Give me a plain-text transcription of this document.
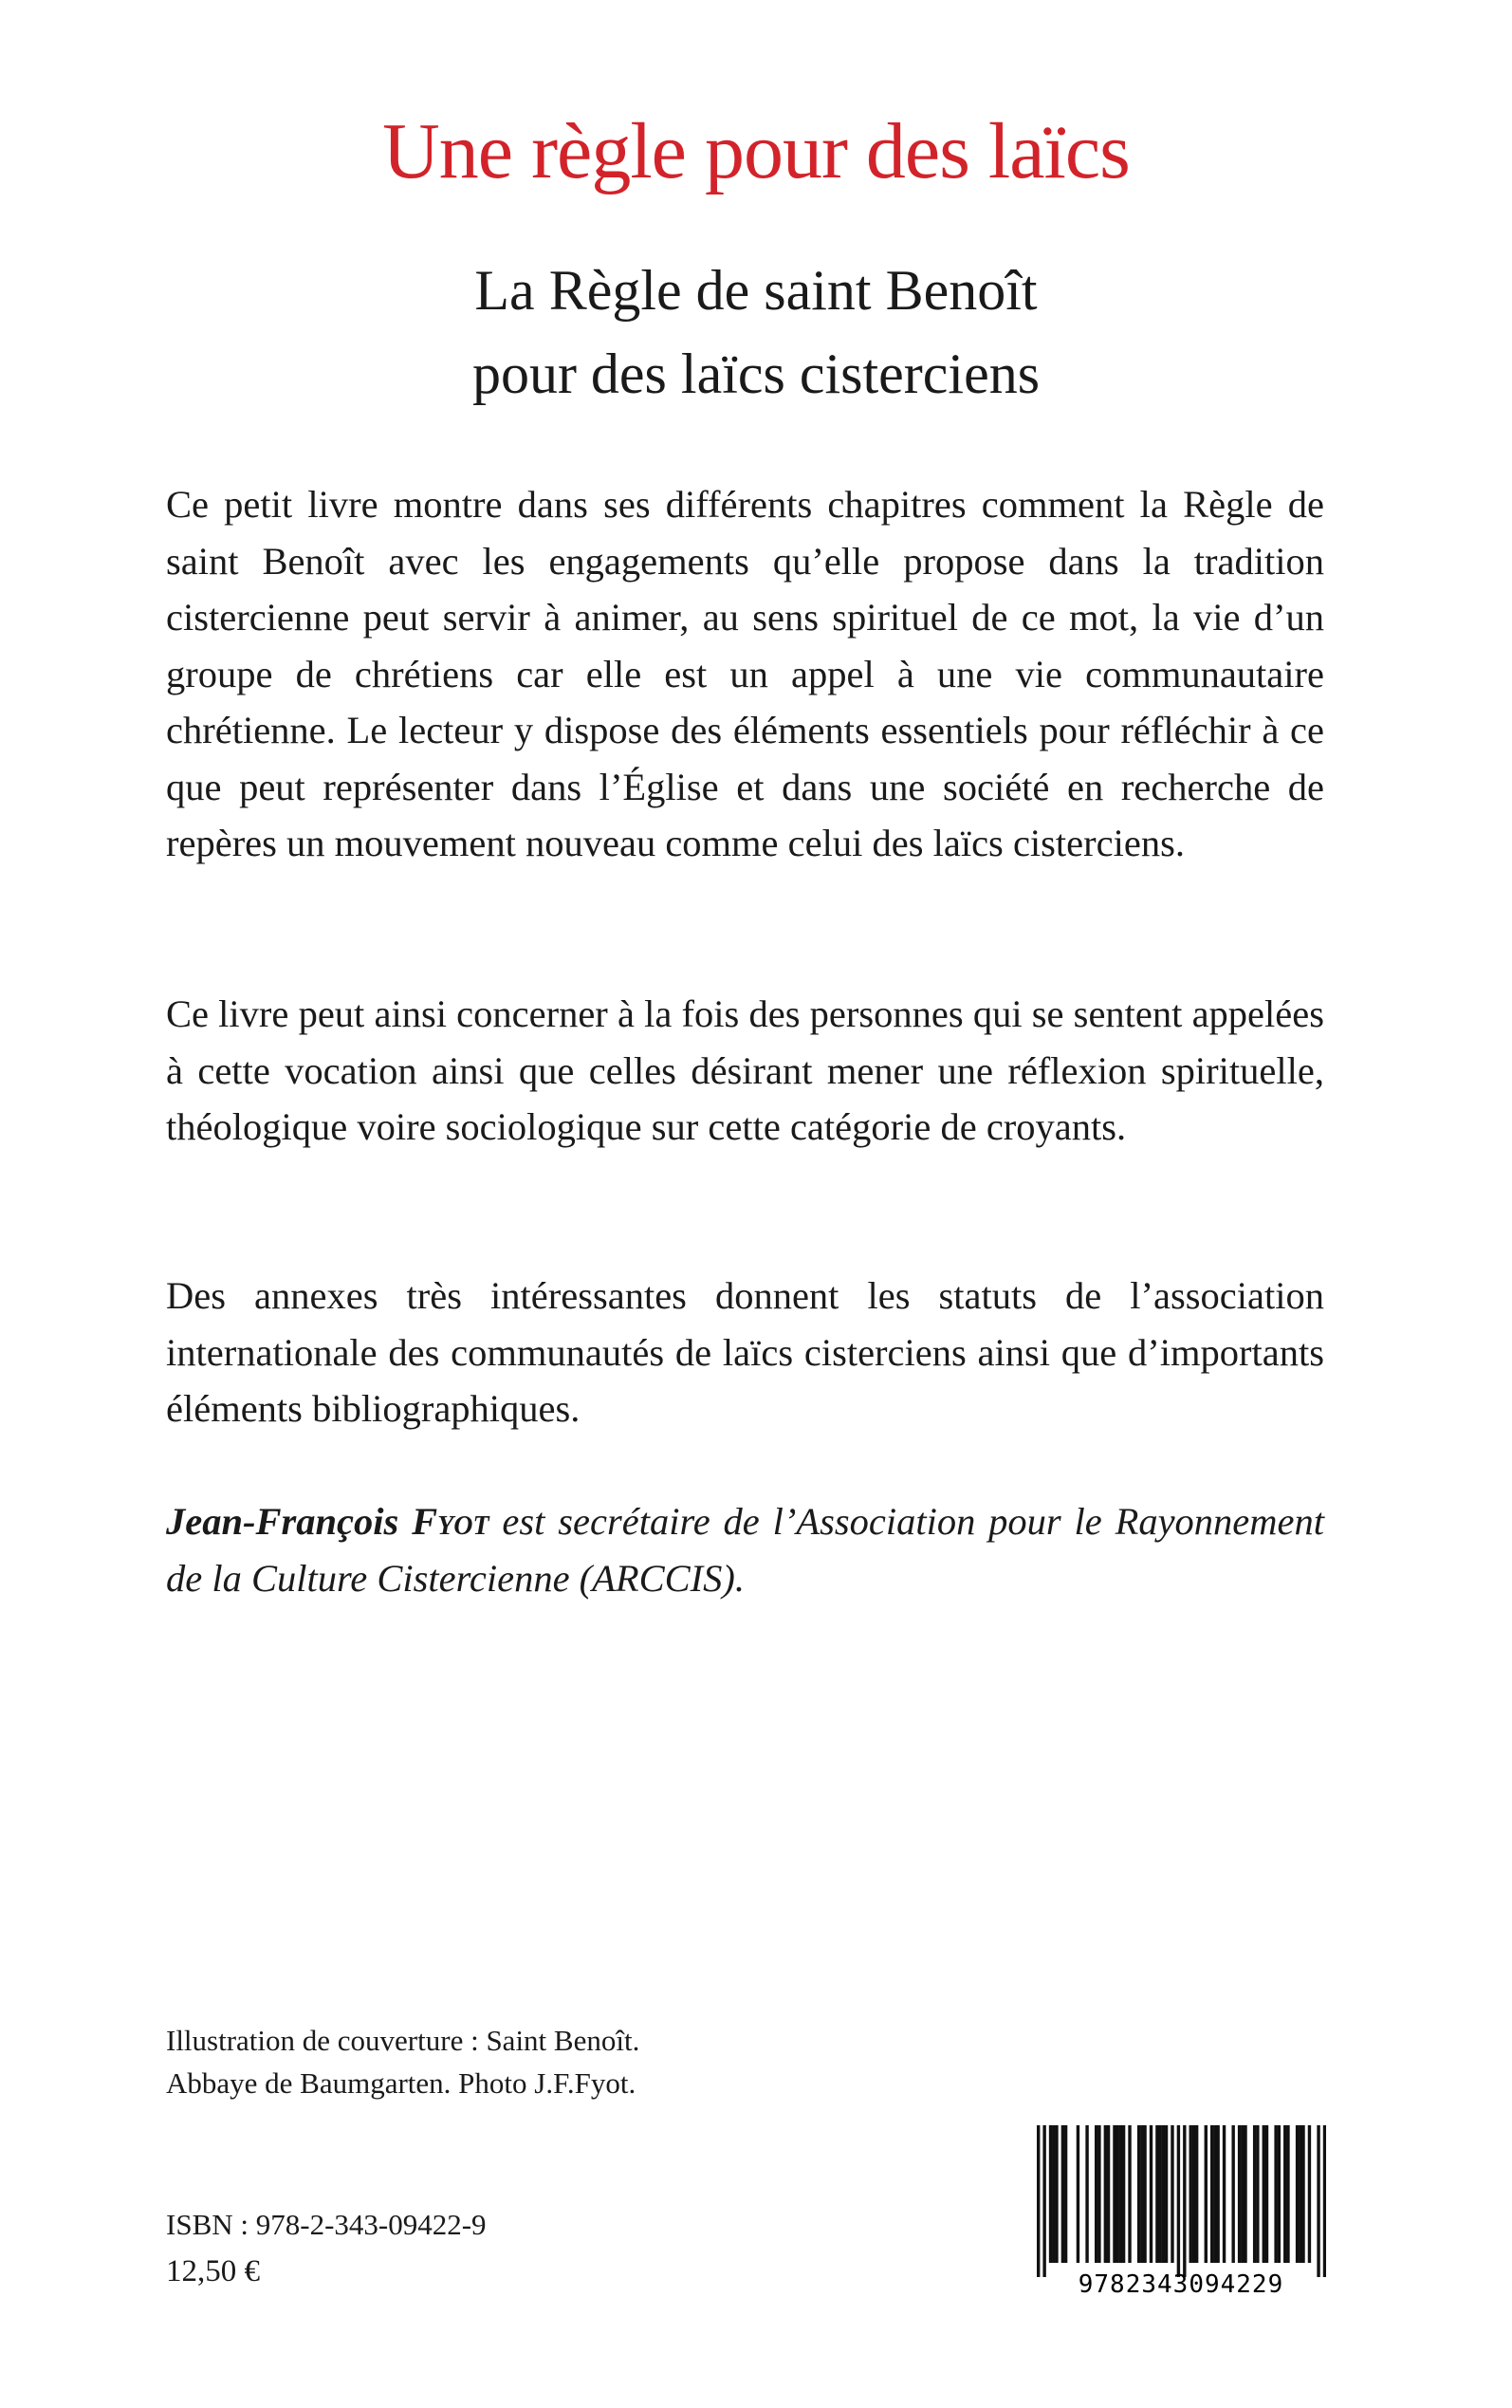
Une règle pour des laïcs
La Règle de saint Benoît
pour des laïcs cisterciens

Ce petit livre montre dans ses différents chapitres comment la Règle de saint Benoît avec les engagements qu’elle propose dans la tradition cistercienne peut servir à animer, au sens spirituel de ce mot, la vie d’un groupe de chrétiens car elle est un appel à une vie communautaire chrétienne. Le lecteur y dispose des éléments essentiels pour réfléchir à ce que peut représenter dans l’Église et dans une société en recherche de repères un mouvement nouveau comme celui des laïcs cisterciens.

Ce livre peut ainsi concerner à la fois des personnes qui se sentent appelées à cette vocation ainsi que celles désirant mener une réflexion spirituelle, théologique voire sociologique sur cette catégorie de croyants.

Des annexes très intéressantes donnent les statuts de l’association internationale des communautés de laïcs cisterciens ainsi que d’importants éléments bibliographiques.

Jean-François Fyot est secrétaire de l’Association pour le Rayonnement de la Culture Cistercienne (ARCCIS).

Illustration de couverture : Saint Benoît.
Abbaye de Baumgarten. Photo J.F.Fyot.
ISBN : 978-2-343-09422-9
12,50 €	9782343094229
